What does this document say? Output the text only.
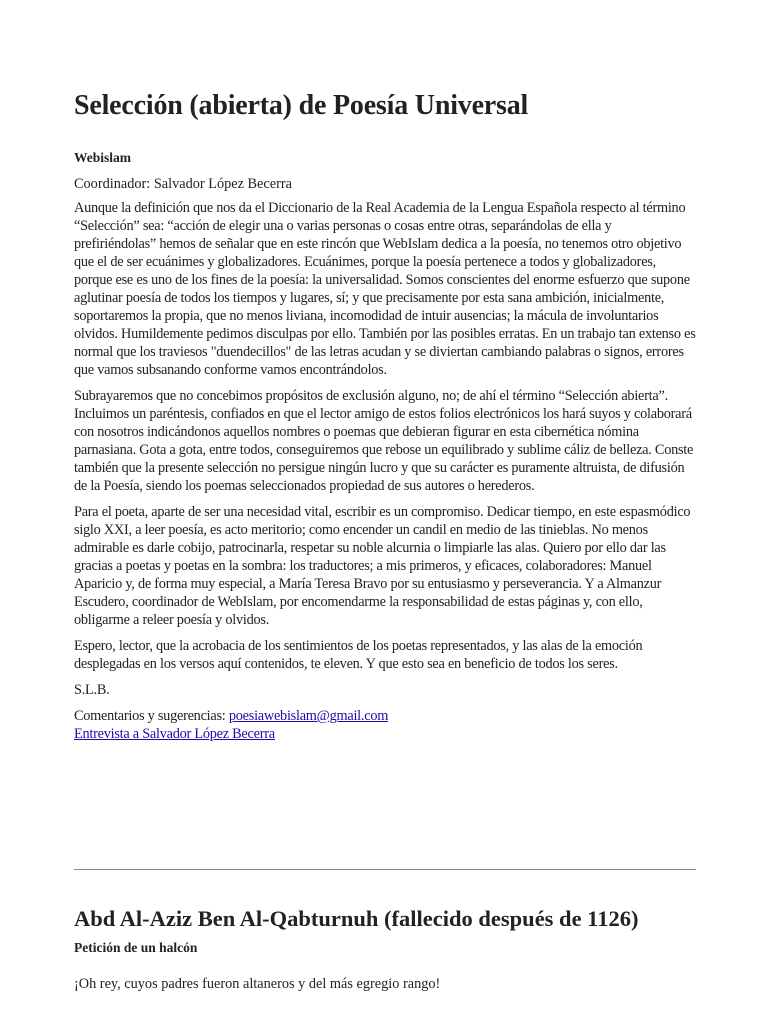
Selección (abierta) de Poesía Universal

Webislam

Coordinador: Salvador López Becerra

Aunque la definición que nos da el Diccionario de la Real Academia de la Lengua Española respecto al término “Selección” sea: “acción de elegir una o varias personas o cosas entre otras, separándolas de ella y prefiriéndolas” hemos de señalar que en este rincón que WebIslam dedica a la poesía, no tenemos otro objetivo que el de ser ecuánimes y globalizadores. Ecuánimes, porque la poesía pertenece a todos y globalizadores, porque ese es uno de los fines de la poesía: la universalidad. Somos conscientes del enorme esfuerzo que supone aglutinar poesía de todos los tiempos y lugares, sí; y que precisamente por esta sana ambición, inicialmente, soportaremos la propia, que no menos liviana, incomodidad de intuir ausencias; la mácula de involuntarios olvidos. Humildemente pedimos disculpas por ello. También por las posibles erratas. En un trabajo tan extenso es normal que los traviesos "duendecillos" de las letras acudan y se diviertan cambiando palabras o signos, errores que vamos subsanando conforme vamos encontrándolos.

Subrayaremos que no concebimos propósitos de exclusión alguno, no; de ahí el término “Selección abierta”. Incluimos un paréntesis, confiados en que el lector amigo de estos folios electrónicos los hará suyos y colaborará con nosotros indicándonos aquellos nombres o poemas que debieran figurar en esta cibernética nómina parnasiana. Gota a gota, entre todos, conseguiremos que rebose un equilibrado y sublime cáliz de belleza. Conste también que la presente selección no persigue ningún lucro y que su carácter es puramente altruista, de difusión de la Poesía, siendo los poemas seleccionados propiedad de sus autores o herederos.

Para el poeta, aparte de ser una necesidad vital, escribir es un compromiso. Dedicar tiempo, en este espasmódico siglo XXI, a leer poesía, es acto meritorio; como encender un candil en medio de las tinieblas. No menos admirable es darle cobijo, patrocinarla, respetar su noble alcurnia o limpiarle las alas. Quiero por ello dar las gracias a poetas y poetas en la sombra: los traductores; a mis primeros, y eficaces, colaboradores: Manuel Aparicio y, de forma muy especial, a María Teresa Bravo por su entusiasmo y perseverancia. Y a Almanzur Escudero, coordinador de WebIslam, por encomendarme la responsabilidad de estas páginas y, con ello, obligarme a releer poesía y olvidos.

Espero, lector, que la acrobacia de los sentimientos de los poetas representados, y las alas de la emoción desplegadas en los versos aquí contenidos, te eleven. Y que esto sea en beneficio de todos los seres.

S.L.B.

Comentarios y sugerencias: poesiawebislam@gmail.com
Entrevista a Salvador López Becerra
Abd Al-Aziz Ben Al-Qabturnuh (fallecido después de 1126)

Petición de un halcón

¡Oh rey, cuyos padres fueron altaneros y del más egregio rango!
